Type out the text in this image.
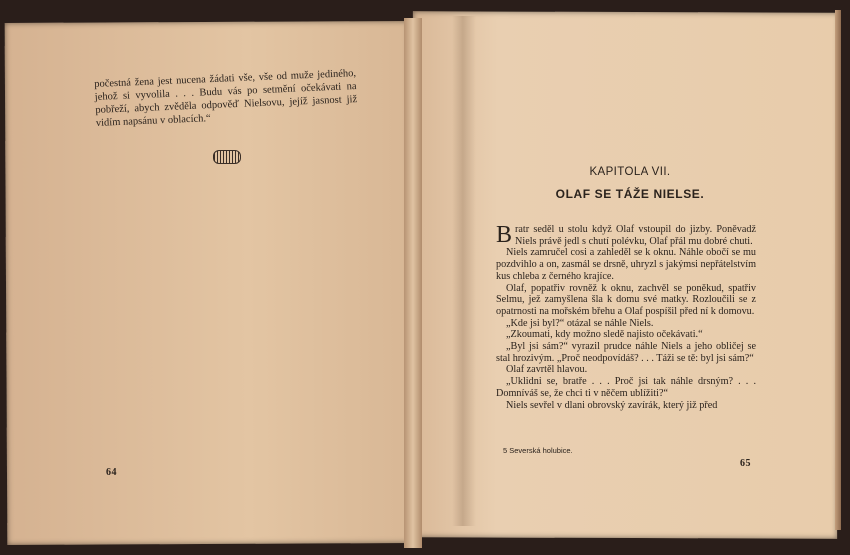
počestná žena jest nucena žádati vše, vše od muže jediného, jehož si vyvolila . . . Budu vás po setmění očekávati na pobřeží, abych zvěděla odpověď Nielsovu, jejíž jasnost již vidím napsánu v oblacích.“

64
KAPITOLA VII.
OLAF SE TÁŽE NIELSE.

Bratr seděl u stolu když Olaf vstoupil do jizby. Poněvadž Niels právě jedl s chutí polévku, Olaf přál mu dobré chuti.

Niels zamručel cosi a zahleděl se k oknu. Náhle obočí se mu pozdvihlo a on, zasmál se drsně, uhryzl s jakýmsi nepřátelstvím kus chleba z černého krajíce.

Olaf, popatřiv rovněž k oknu, zachvěl se poněkud, spatřiv Selmu, jež zamyšlena šla k domu své matky. Rozloučili se z opatrnosti na mořském břehu a Olaf pospíšil před ní k domovu.

„Kde jsi byl?“ otázal se náhle Niels.

„Zkoumati, kdy možno sledě najisto očekávati.“

„Byl jsi sám?“ vyrazil prudce náhle Niels a jeho obličej se stal hrozivým. „Proč neodpovídáš? . . . Táži se tě: byl jsi sám?“

Olaf zavrtěl hlavou.

„Uklidni se, bratře . . . Proč jsi tak náhle drsným? . . . Domníváš se, že chci ti v něčem ublížiti?“

Niels sevřel v dlani obrovský zavírák, který již před

5 Severská holubice.
65
